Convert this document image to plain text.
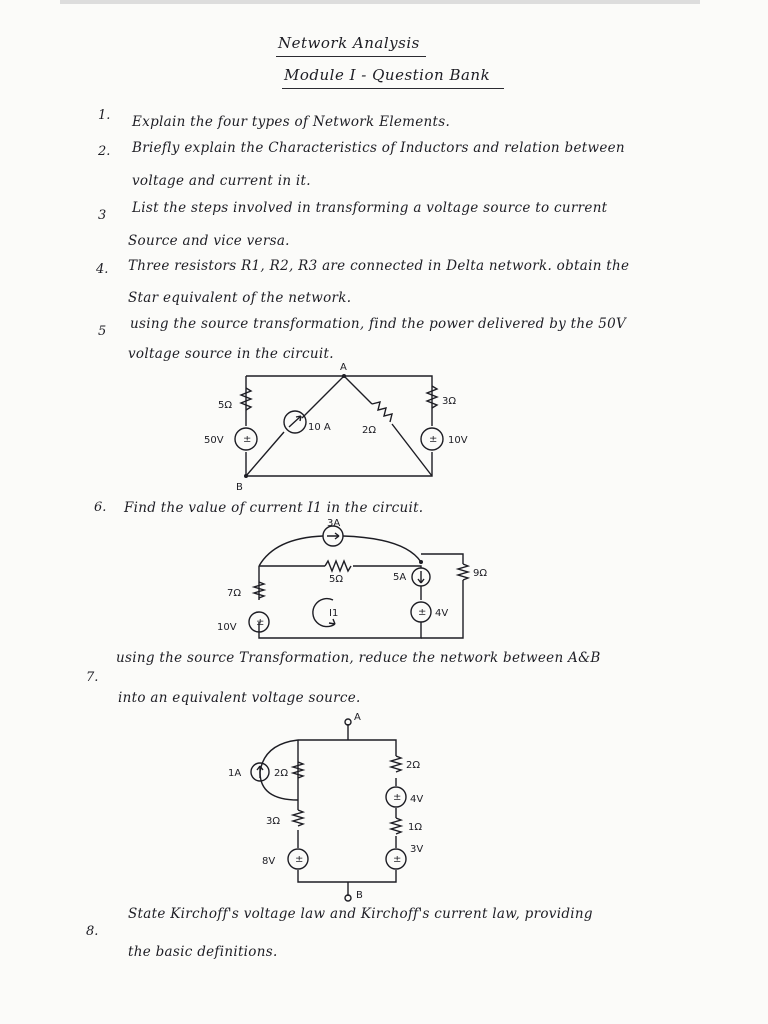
Network Analysis
Module I - Question Bank
1. Explain the four types of Network Elements.
2. Briefly explain the Characteristics of Inductors and relation between
voltage and current in it.
3 List the steps involved in transforming a voltage source to current
Source and vice versa.
4. Three resistors R1, R2, R3 are connected in Delta network. obtain the
Star equivalent of the network.
5 using the source transformation, find the power delivered by the 50V
voltage source in the circuit.
±	±
A
B
5Ω
50V
10 A	2Ω
3Ω
10V
6. Find the value of current I1 in the circuit.
±
±
3A
5Ω	5A	9Ω
7Ω
10V
I1	4V
7.
using the source Transformation, reduce the network between A&B
into an equivalent voltage source.
±
±
±
A
B
1A	2Ω
3Ω
8V
2Ω
4V
1Ω
3V
8.
State Kirchoff's voltage law and Kirchoff's current law, providing
the basic definitions.
